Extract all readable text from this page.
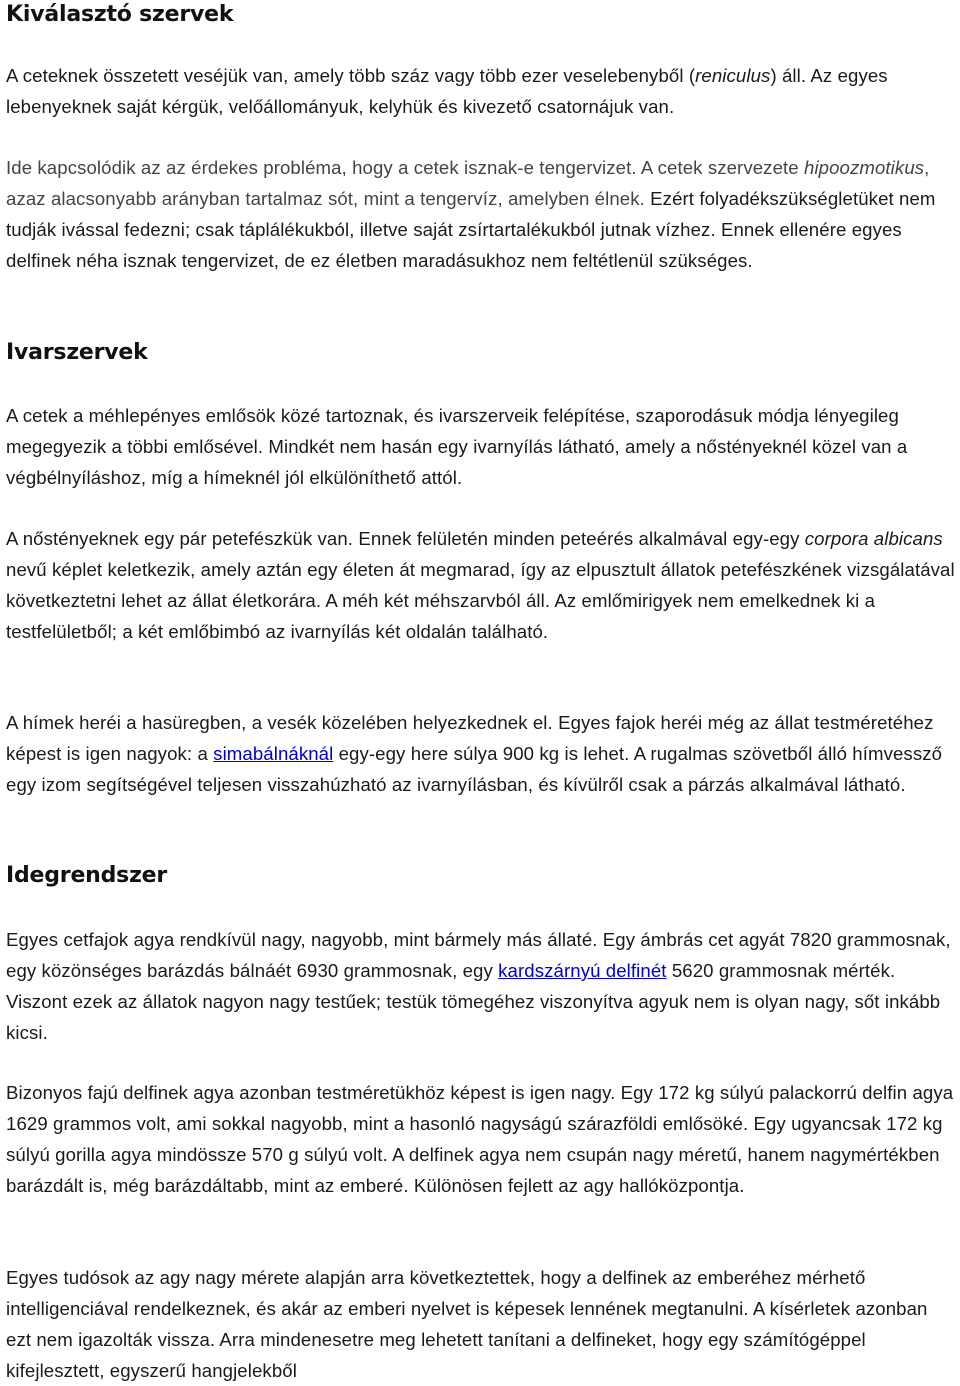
Kiválasztó szervek

A ceteknek összetett veséjük van, amely több száz vagy több ezer veselebenyből (reniculus) áll. Az egyes lebenyeknek saját kérgük, velőállományuk, kelyhük és kivezető csatornájuk van.

Ide kapcsolódik az az érdekes probléma, hogy a cetek isznak-e tengervizet. A cetek szervezete hipoozmotikus, azaz alacsonyabb arányban tartalmaz sót, mint a tengervíz, amelyben élnek. Ezért folyadékszükségletüket nem tudják ivással fedezni; csak táplálékukból, illetve saját zsírtartalékukból jutnak vízhez. Ennek ellenére egyes delfinek néha isznak tengervizet, de ez életben maradásukhoz nem feltétlenül szükséges.

Ivarszervek

A cetek a méhlepényes emlősök közé tartoznak, és ivarszerveik felépítése, szaporodásuk módja lényegileg megegyezik a többi emlősével. Mindkét nem hasán egy ivarnyílás látható, amely a nőstényeknél közel van a végbélnyíláshoz, míg a hímeknél jól elkülöníthető attól.

A nőstényeknek egy pár petefészkük van. Ennek felületén minden peteérés alkalmával egy-egy corpora albicans nevű képlet keletkezik, amely aztán egy életen át megmarad, így az elpusztult állatok petefészkének vizsgálatával következtetni lehet az állat életkorára. A méh két méhszarvból áll. Az emlőmirigyek nem emelkednek ki a testfelületből; a két emlőbimbó az ivarnyílás két oldalán található.

A hímek heréi a hasüregben, a vesék közelében helyezkednek el. Egyes fajok heréi még az állat testméretéhez képest is igen nagyok: a simabálnáknál egy-egy here súlya 900 kg is lehet. A rugalmas szövetből álló hímvessző egy izom segítségével teljesen visszahúzható az ivarnyílásban, és kívülről csak a párzás alkalmával látható.

Idegrendszer

Egyes cetfajok agya rendkívül nagy, nagyobb, mint bármely más állaté. Egy ámbrás cet agyát 7820 grammosnak, egy közönséges barázdás bálnáét 6930 grammosnak, egy kardszárnyú delfinét 5620 grammosnak mérték. Viszont ezek az állatok nagyon nagy testűek; testük tömegéhez viszonyítva agyuk nem is olyan nagy, sőt inkább kicsi.

Bizonyos fajú delfinek agya azonban testméretükhöz képest is igen nagy. Egy 172 kg súlyú palackorrú delfin agya 1629 grammos volt, ami sokkal nagyobb, mint a hasonló nagyságú szárazföldi emlősöké. Egy ugyancsak 172 kg súlyú gorilla agya mindössze 570 g súlyú volt. A delfinek agya nem csupán nagy méretű, hanem nagymértékben barázdált is, még barázdáltabb, mint az emberé. Különösen fejlett az agy hallóközpontja.

Egyes tudósok az agy nagy mérete alapján arra következtettek, hogy a delfinek az emberéhez mérhető intelligenciával rendelkeznek, és akár az emberi nyelvet is képesek lennének megtanulni. A kísérletek azonban ezt nem igazolták vissza. Arra mindenesetre meg lehetett tanítani a delfineket, hogy egy számítógéppel kifejlesztett, egyszerű hangjelekből
